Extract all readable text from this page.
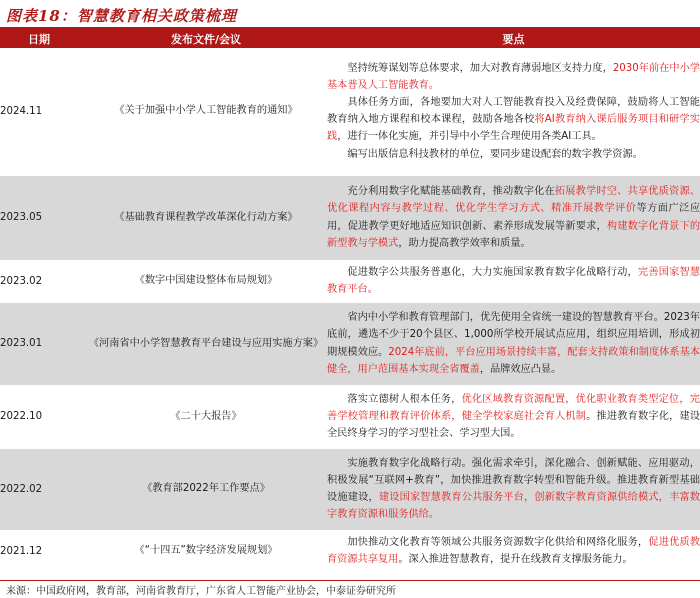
图表18：智慧教育相关政策梳理
日期	发布文件/会议	要点
2024.11	《关于加强中小学人工智能教育的通知》	坚持统筹谋划等总体要求，加大对教育薄弱地区支持力度，2030年前在中小学基本普及人工智能教育。

具体任务方面，各地要加大对人工智能教育投入及经费保障，鼓励将人工智能教育纳入地方课程和校本课程，鼓励各地各校将AI教育纳入课后服务项目和研学实践，进行一体化实施，并引导中小学生合理使用各类AI工具。

编写出版信息科技教材的单位，要同步建设配套的数字教学资源。

2023.05	《基础教育课程教学改革深化行动方案》	充分利用数字化赋能基础教育，推动数字化在拓展教学时空、共享优质资源、优化课程内容与教学过程、优化学生学习方式、精准开展教学评价等方面广泛应用，促进教学更好地适应知识创新、素养形成发展等新要求，构建数字化背景下的新型教与学模式，助力提高教学效率和质量。

2023.02	《数字中国建设整体布局规划》	促进数字公共服务普惠化，大力实施国家教育数字化战略行动，完善国家智慧教育平台。

2023.01	《河南省中小学智慧教育平台建设与应用实施方案》	省内中小学和教育管理部门，优先使用全省统一建设的智慧教育平台。2023年底前，遴选不少于20个县区、1,000所学校开展试点应用，组织应用培训，形成初期规模效应。2024年底前，平台应用场景持续丰富，配套支持政策和制度体系基本健全，用户范围基本实现全省覆盖，品牌效应凸显。

2022.10	《二十大报告》	落实立德树人根本任务，优化区域教育资源配置，优化职业教育类型定位，完善学校管理和教育评价体系，健全学校家庭社会育人机制。推进教育数字化，建设全民终身学习的学习型社会、学习型大国。

2022.02	《教育部2022年工作要点》	实施教育数字化战略行动。强化需求牵引，深化融合、创新赋能、应用驱动，积极发展“互联网+教育”，加快推进教育数字转型和智能升级。推进教育新型基础设施建设，建设国家智慧教育公共服务平台，创新数字教育资源供给模式，丰富数字教育资源和服务供给。

2021.12	《“十四五”数字经济发展规划》	加快推动文化教育等领域公共服务资源数字化供给和网络化服务，促进优质教育资源共享复用。深入推进智慧教育，提升在线教育支撑服务能力。

来源：中国政府网，教育部，河南省教育厅，广东省人工智能产业协会，中泰证券研究所
